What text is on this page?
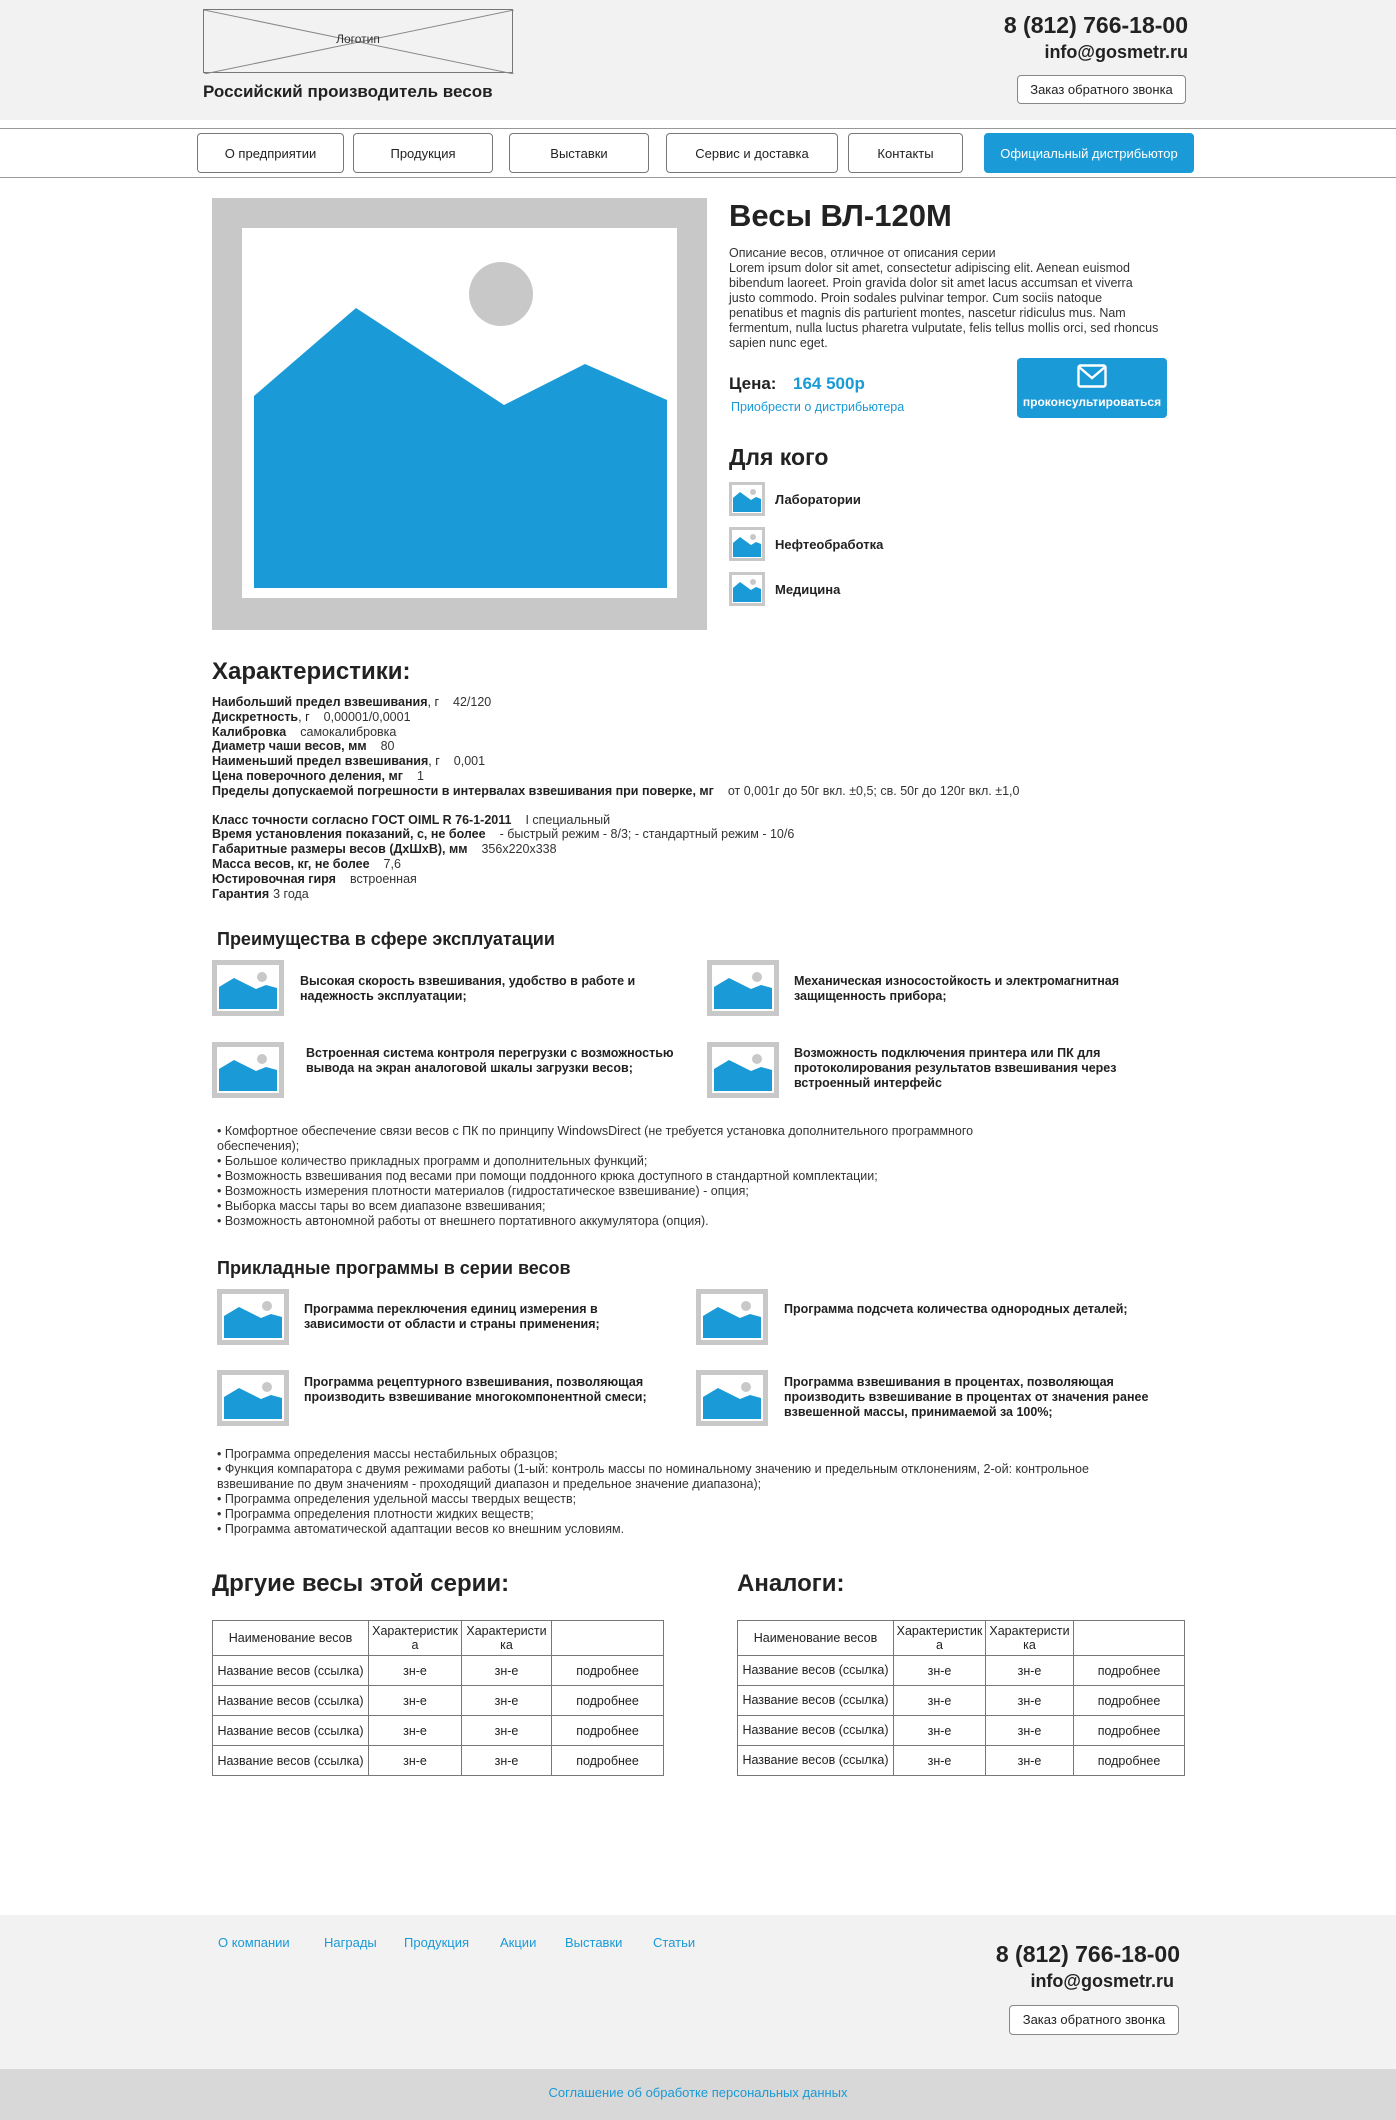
Логотип
Российский производитель весов
8 (812) 766-18-00
info@gosmetr.ru
Заказ обратного звонка
О предприятии	Продукция	Выставки	Сервис и доставка	Контакты	Официальный дистрибьютор
Весы ВЛ-120М
Описание весов, отличное от описания серии
Lorem ipsum dolor sit amet, consectetur adipiscing elit. Aenean euismod bibendum laoreet. Proin gravida dolor sit amet lacus accumsan et viverra justo commodo. Proin sodales pulvinar tempor. Cum sociis natoque penatibus et magnis dis parturient montes, nascetur ridiculus mus. Nam fermentum, nulla luctus pharetra vulputate, felis tellus mollis orci, sed rhoncus sapien nunc eget.
Цена: 164 500р
Приобрести о дистрибьютера	проконсультироваться
Для кого
Лаборатории
Нефтеобработка
Медицина
Характеристики:
Наибольший предел взвешивания, г 42/120
Дискретность, г 0,00001/0,0001
Калибровка самокалибровка
Диаметр чаши весов, мм 80
Наименьший предел взвешивания, г 0,001
Цена поверочного деления, мг 1
Пределы допускаемой погрешности в интервалах взвешивания при поверке, мг от 0,001г до 50г вкл. ±0,5; св. 50г до 120г вкл. ±1,0
Класс точности согласно ГОСТ OIML R 76-1-2011 I специальный
Время установления показаний, с, не более - быстрый режим - 8/3; - стандартный режим - 10/6
Габаритные размеры весов (ДхШхВ), мм 356x220x338
Масса весов, кг, не более 7,6
Юстировочная гиря встроенная
Гарантия 3 года
Преимущества в сфере эксплуатации
Высокая скорость взвешивания, удобство в работе и надежность эксплуатации;
Механическая износостойкость и электромагнитная защищенность прибора;
Встроенная система контроля перегрузки с возможностью вывода на экран аналоговой шкалы загрузки весов;
Возможность подключения принтера или ПК для протоколирования результатов взвешивания через встроенный интерфейс
• Комфортное обеспечение связи весов с ПК по принципу WindowsDirect (не требуется установка дополнительного программного обеспечения);
• Большое количество прикладных программ и дополнительных функций;
• Возможность взвешивания под весами при помощи поддонного крюка доступного в стандартной комплектации;
• Возможность измерения плотности материалов (гидростатическое взвешивание) - опция;
• Выборка массы тары во всем диапазоне взвешивания;
• Возможность автономной работы от внешнего портативного аккумулятора (опция).
Прикладные программы в серии весов
Программа переключения единиц измерения в зависимости от области и страны применения;
Программа подсчета количества однородных деталей;
Программа рецептурного взвешивания, позволяющая производить взвешивание многокомпонентной смеси;
Программа взвешивания в процентах, позволяющая производить взвешивание в процентах от значения ранее взвешенной массы, принимаемой за 100%;
• Программа определения массы нестабильных образцов;
• Функция компаратора с двумя режимами работы (1-ый: контроль массы по номинальному значению и предельным отклонениям, 2-ой: контрольное взвешивание по двум значениям - проходящий диапазон и предельное значение диапазона);
• Программа определения удельной массы твердых веществ;
• Программа определения плотности жидких веществ;
• Программа автоматической адаптации весов ко внешним условиям.
Дргуие весы этой серии:
Наименование весов	Характеристика	Характеристика	
Название весов (ссылка)	зн-е	зн-е	подробнее
Название весов (ссылка)	зн-е	зн-е	подробнее
Название весов (ссылка)	зн-е	зн-е	подробнее
Название весов (ссылка)	зн-е	зн-е	подробнее
Аналоги:
Наименование весов	Характеристика	Характеристика	
Название весов (ссылка)	зн-е	зн-е	подробнее
Название весов (ссылка)	зн-е	зн-е	подробнее
Название весов (ссылка)	зн-е	зн-е	подробнее
Название весов (ссылка)	зн-е	зн-е	подробнее
О компании	Награды Продукция Акции Выставки Статьи	8 (812) 766-18-00
info@gosmetr.ru
Заказ обратного звонка
Соглашение об обработке персональных данных
